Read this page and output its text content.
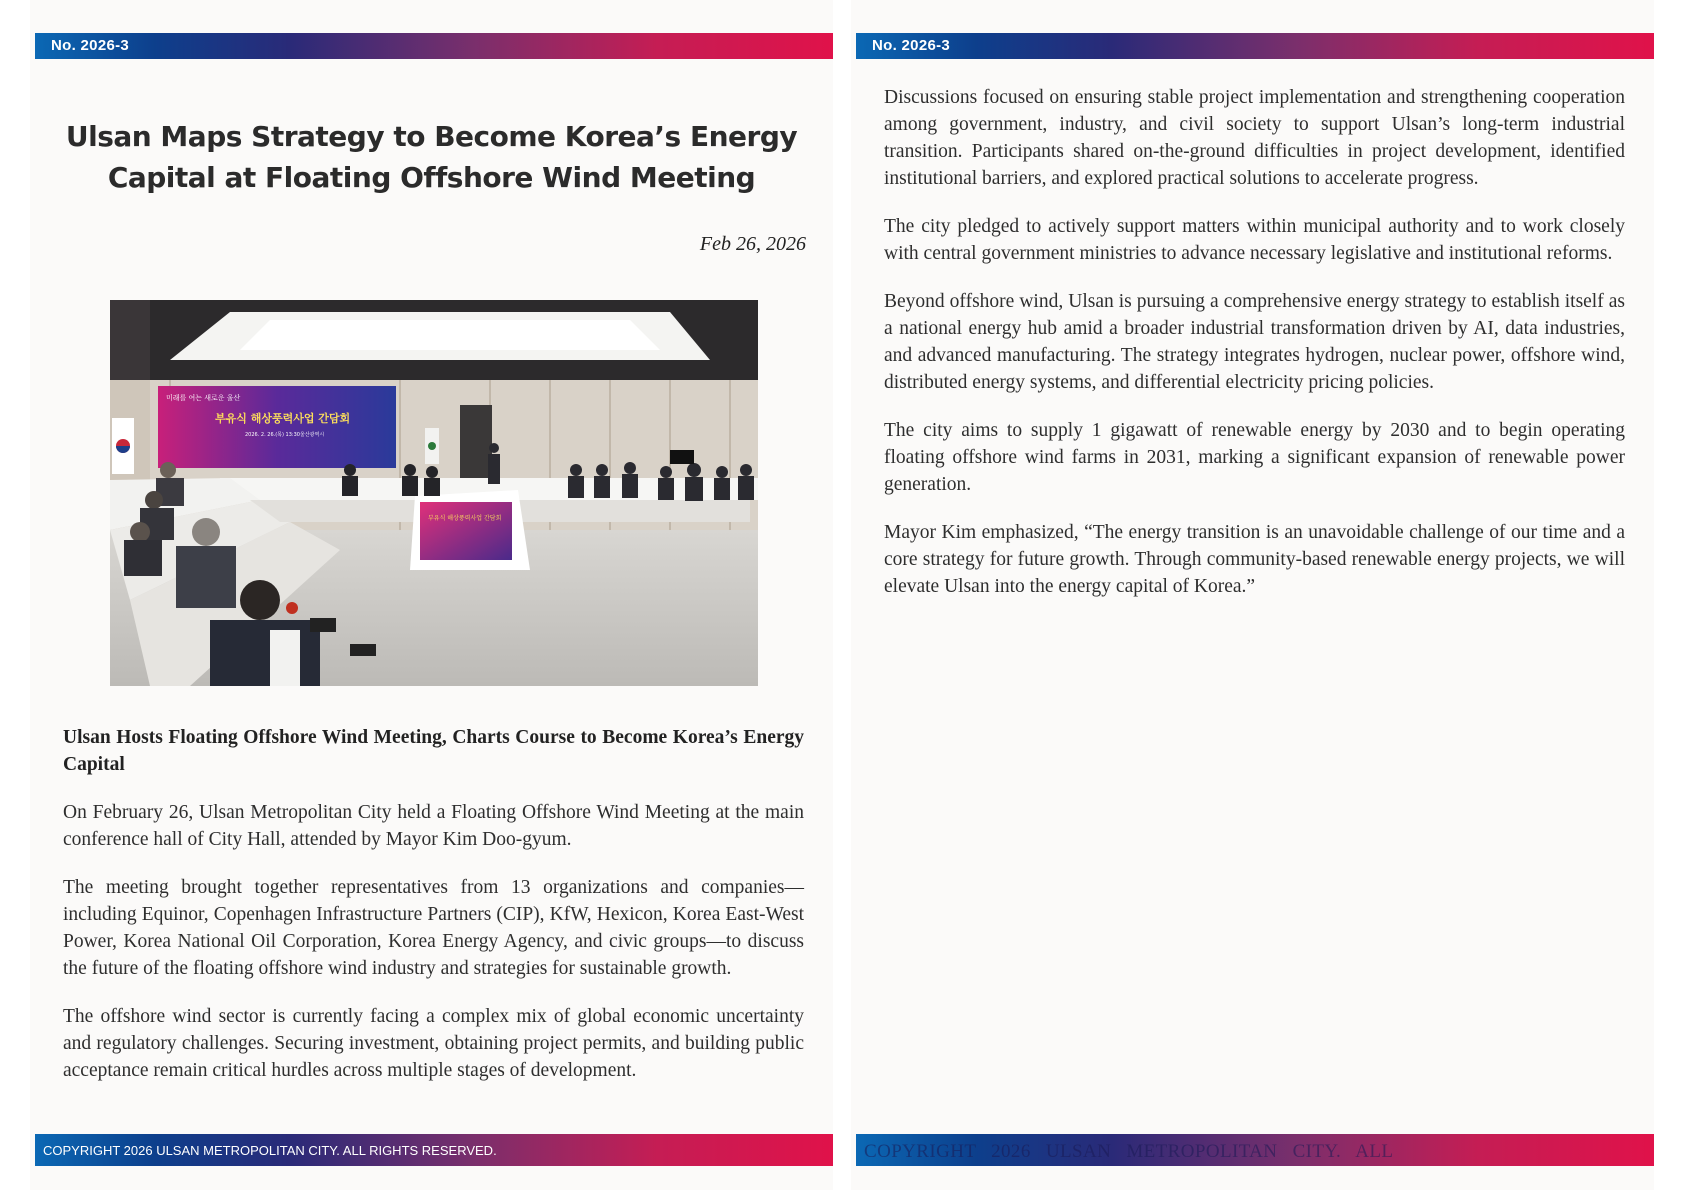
No. 2026-3
Ulsan Maps Strategy to Become Korea’s Energy Capital at Floating Offshore Wind Meeting
Feb 26, 2026
미래를 여는 새로운 울산
부유식 해상풍력사업 간담회
2026. 2. 26.(목) 13:30 울산광역시
부유식 해상풍력사업 간담회
Ulsan Hosts Floating Offshore Wind Meeting, Charts Course to Become Korea’s Energy Capital

On February 26, Ulsan Metropolitan City held a Floating Offshore Wind Meeting at the main conference hall of City Hall, attended by Mayor Kim Doo-gyum.

The meeting brought together representatives from 13 organizations and companies—including Equinor, Copenhagen Infrastructure Partners (CIP), KfW, Hexicon, Korea East-West Power, Korea National Oil Corporation, Korea Energy Agency, and civic groups—to discuss the future of the floating offshore wind industry and strategies for sustainable growth.

The offshore wind sector is currently facing a complex mix of global economic uncertainty and regulatory challenges. Securing investment, obtaining project permits, and building public acceptance remain critical hurdles across multiple stages of development.

COPYRIGHT 2026 ULSAN METROPOLITAN CITY. ALL RIGHTS RESERVED.
No. 2026-3

Discussions focused on ensuring stable project implementation and strengthening cooperation among government, industry, and civil society to support Ulsan’s long-term industrial transition. Participants shared on-the-ground difficulties in project development, identified institutional barriers, and explored practical solutions to accelerate progress.

The city pledged to actively support matters within municipal authority and to work closely with central government ministries to advance necessary legislative and institutional reforms.

Beyond offshore wind, Ulsan is pursuing a comprehensive energy strategy to establish itself as a national energy hub amid a broader industrial transformation driven by AI, data industries, and advanced manufacturing. The strategy integrates hydrogen, nuclear power, offshore wind, distributed energy systems, and differential electricity pricing policies.

The city aims to supply 1 gigawatt of renewable energy by 2030 and to begin operating floating offshore wind farms in 2031, marking a significant expansion of renewable power generation.

Mayor Kim emphasized, “The energy transition is an unavoidable challenge of our time and a core strategy for future growth. Through community-based renewable energy projects, we will elevate Ulsan into the energy capital of Korea.”

COPYRIGHT 2026 ULSAN METROPOLITAN CITY. ALL
